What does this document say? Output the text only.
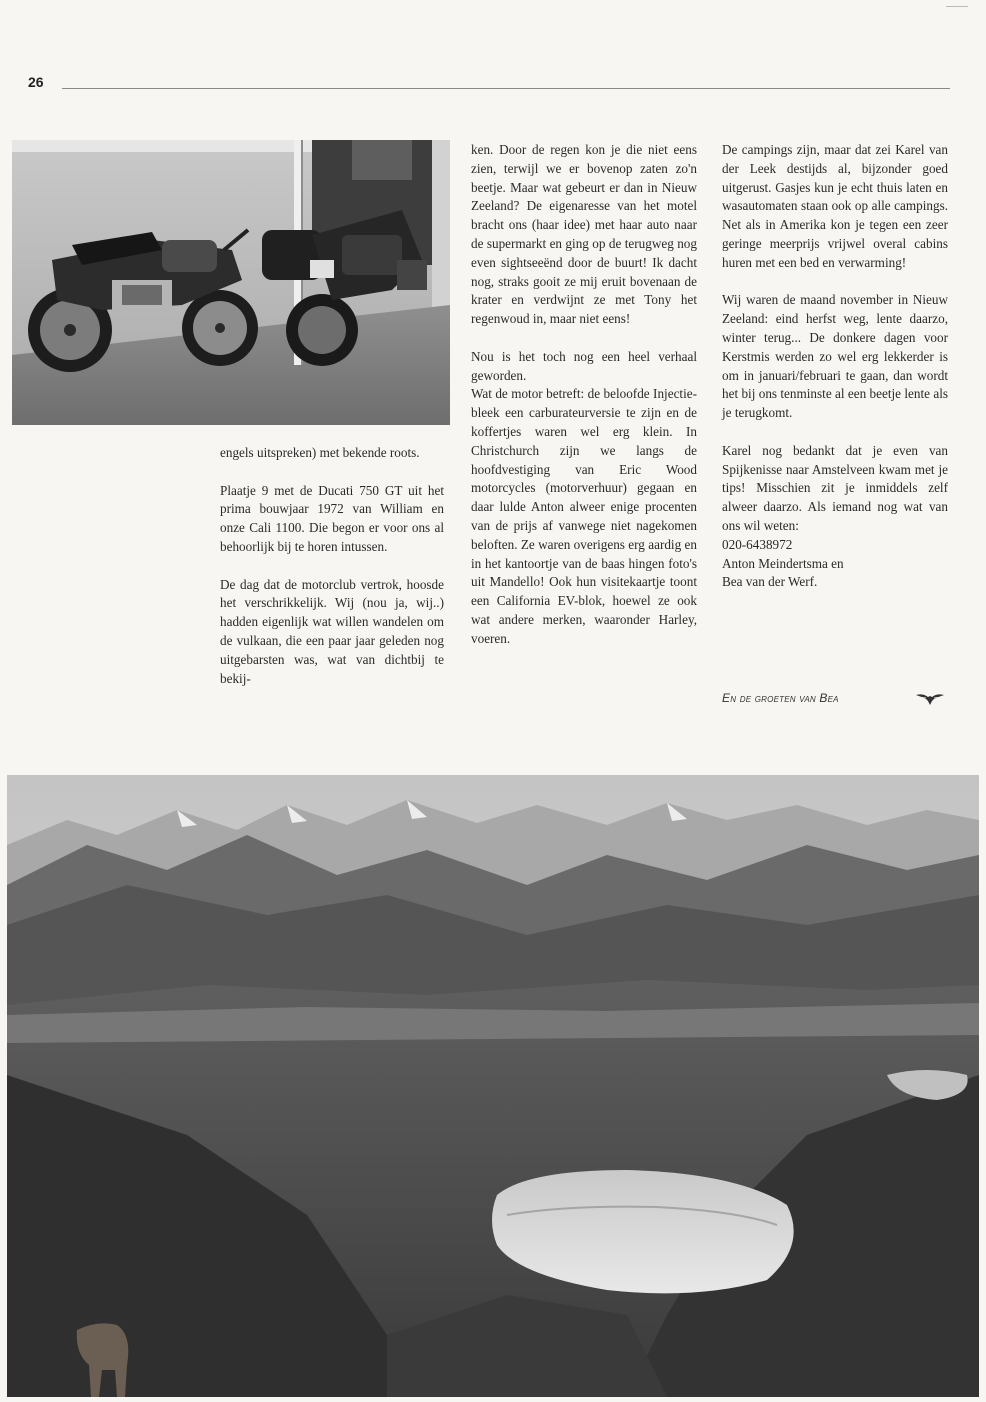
26

engels uitspreken) met bekende roots.

Plaatje 9 met de Ducati 750 GT uit het prima bouwjaar 1972 van William en onze Cali 1100. Die begon er voor ons al behoorlijk bij te horen intussen.

De dag dat de motorclub vertrok, hoosde het verschrikkelijk. Wij (nou ja, wij..) hadden eigenlijk wat willen wandelen om de vulkaan, die een paar jaar geleden nog uitgebarsten was, wat van dichtbij te bekij-

ken. Door de regen kon je die niet eens zien, terwijl we er bovenop zaten zo'n beetje. Maar wat gebeurt er dan in Nieuw Zeeland? De eigenaresse van het motel bracht ons (haar idee) met haar auto naar de supermarkt en ging op de terugweg nog even sightseeënd door de buurt! Ik dacht nog, straks gooit ze mij eruit bovenaan de krater en verdwijnt ze met Tony het regenwoud in, maar niet eens!

Nou is het toch nog een heel verhaal geworden.

Wat de motor betreft: de beloofde Injectie- bleek een carburateurversie te zijn en de koffertjes waren wel erg klein. In Christchurch zijn we langs de hoofdvestiging van Eric Wood motorcycles (motorverhuur) gegaan en daar lulde Anton alweer enige procenten van de prijs af vanwege niet nagekomen beloften. Ze waren overigens erg aardig en in het kantoortje van de baas hingen foto's uit Mandello! Ook hun visitekaartje toont een California EV-blok, hoewel ze ook wat andere merken, waaronder Harley, voeren.

De campings zijn, maar dat zei Karel van der Leek destijds al, bijzonder goed uitgerust. Gasjes kun je echt thuis laten en wasautomaten staan ook op alle campings. Net als in Amerika kon je tegen een zeer geringe meerprijs vrijwel overal cabins huren met een bed en verwarming!

Wij waren de maand november in Nieuw Zeeland: eind herfst weg, lente daarzo, winter terug... De donkere dagen voor Kerstmis werden zo wel erg lekkerder is om in januari/februari te gaan, dan wordt het bij ons tenminste al een beetje lente als je terugkomt.

Karel nog bedankt dat je even van Spijkenisse naar Amstelveen kwam met je tips! Misschien zit je inmiddels zelf alweer daarzo. Als iemand nog wat van ons wil weten:

020-6438972

Anton Meindertsma en

Bea van der Werf.

En de groeten van Bea
